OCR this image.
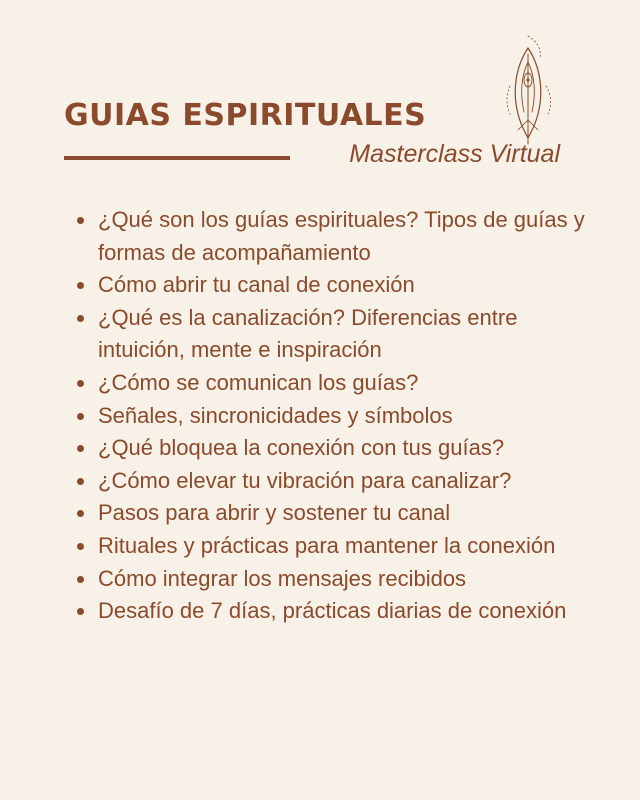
GUIAS ESPIRITUALES
Masterclass Virtual
¿Qué son los guías espirituales? Tipos de guías y formas de acompañamiento
Cómo abrir tu canal de conexión
¿Qué es la canalización? Diferencias entre intuición, mente e inspiración
¿Cómo se comunican los guías?
Señales, sincronicidades y símbolos
¿Qué bloquea la conexión con tus guías?
¿Cómo elevar tu vibración para canalizar?
Pasos para abrir y sostener tu canal
Rituales y prácticas para mantener la conexión
Cómo integrar los mensajes recibidos
Desafío de 7 días, prácticas diarias de conexión
